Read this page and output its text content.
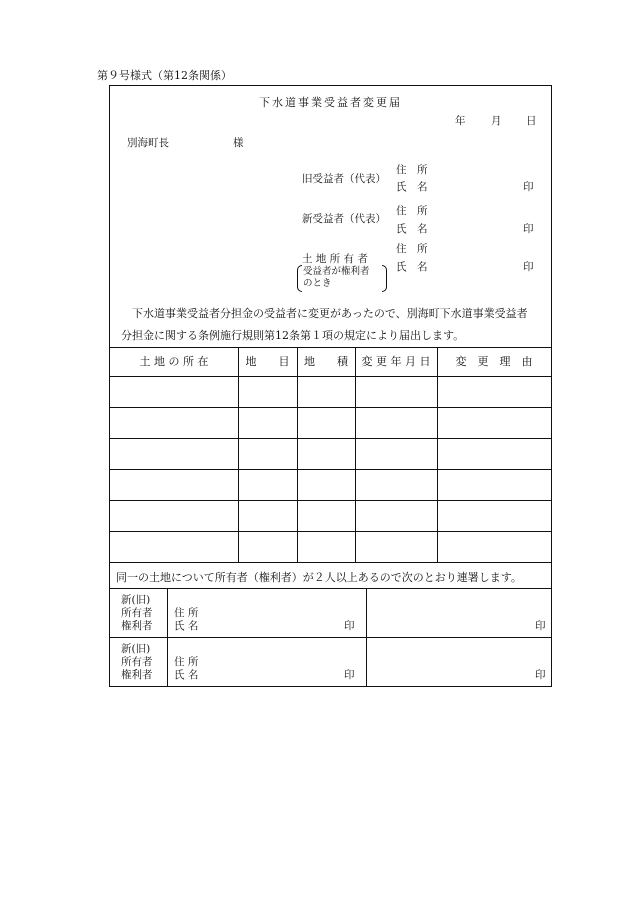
第９号様式（第12条関係）
下水道事業受益者変更届
年 月 日
別海町長	様
旧受益者（代表）
住　所
氏　名	印
新受益者（代表）
住　所
氏　名	印
土 地 所 有 者
受益者が権利者
のとき
住　所
氏　名	印
　下水道事業受益者分担金の受益者に変更があったので、別海町下水道事業受益者
分担金に関する条例施行規則第12条第１項の規定により届出します。
土 地 の 所 在	地　　目	地　　積	変 更 年 月 日	変　更　理　由
同一の土地について所有者（権利者）が２人以上あるので次のとおり連署します。
新(旧)
所有者
権利者
住 所
氏 名	印	印
新(旧)
所有者
権利者
住 所
氏 名	印	印
